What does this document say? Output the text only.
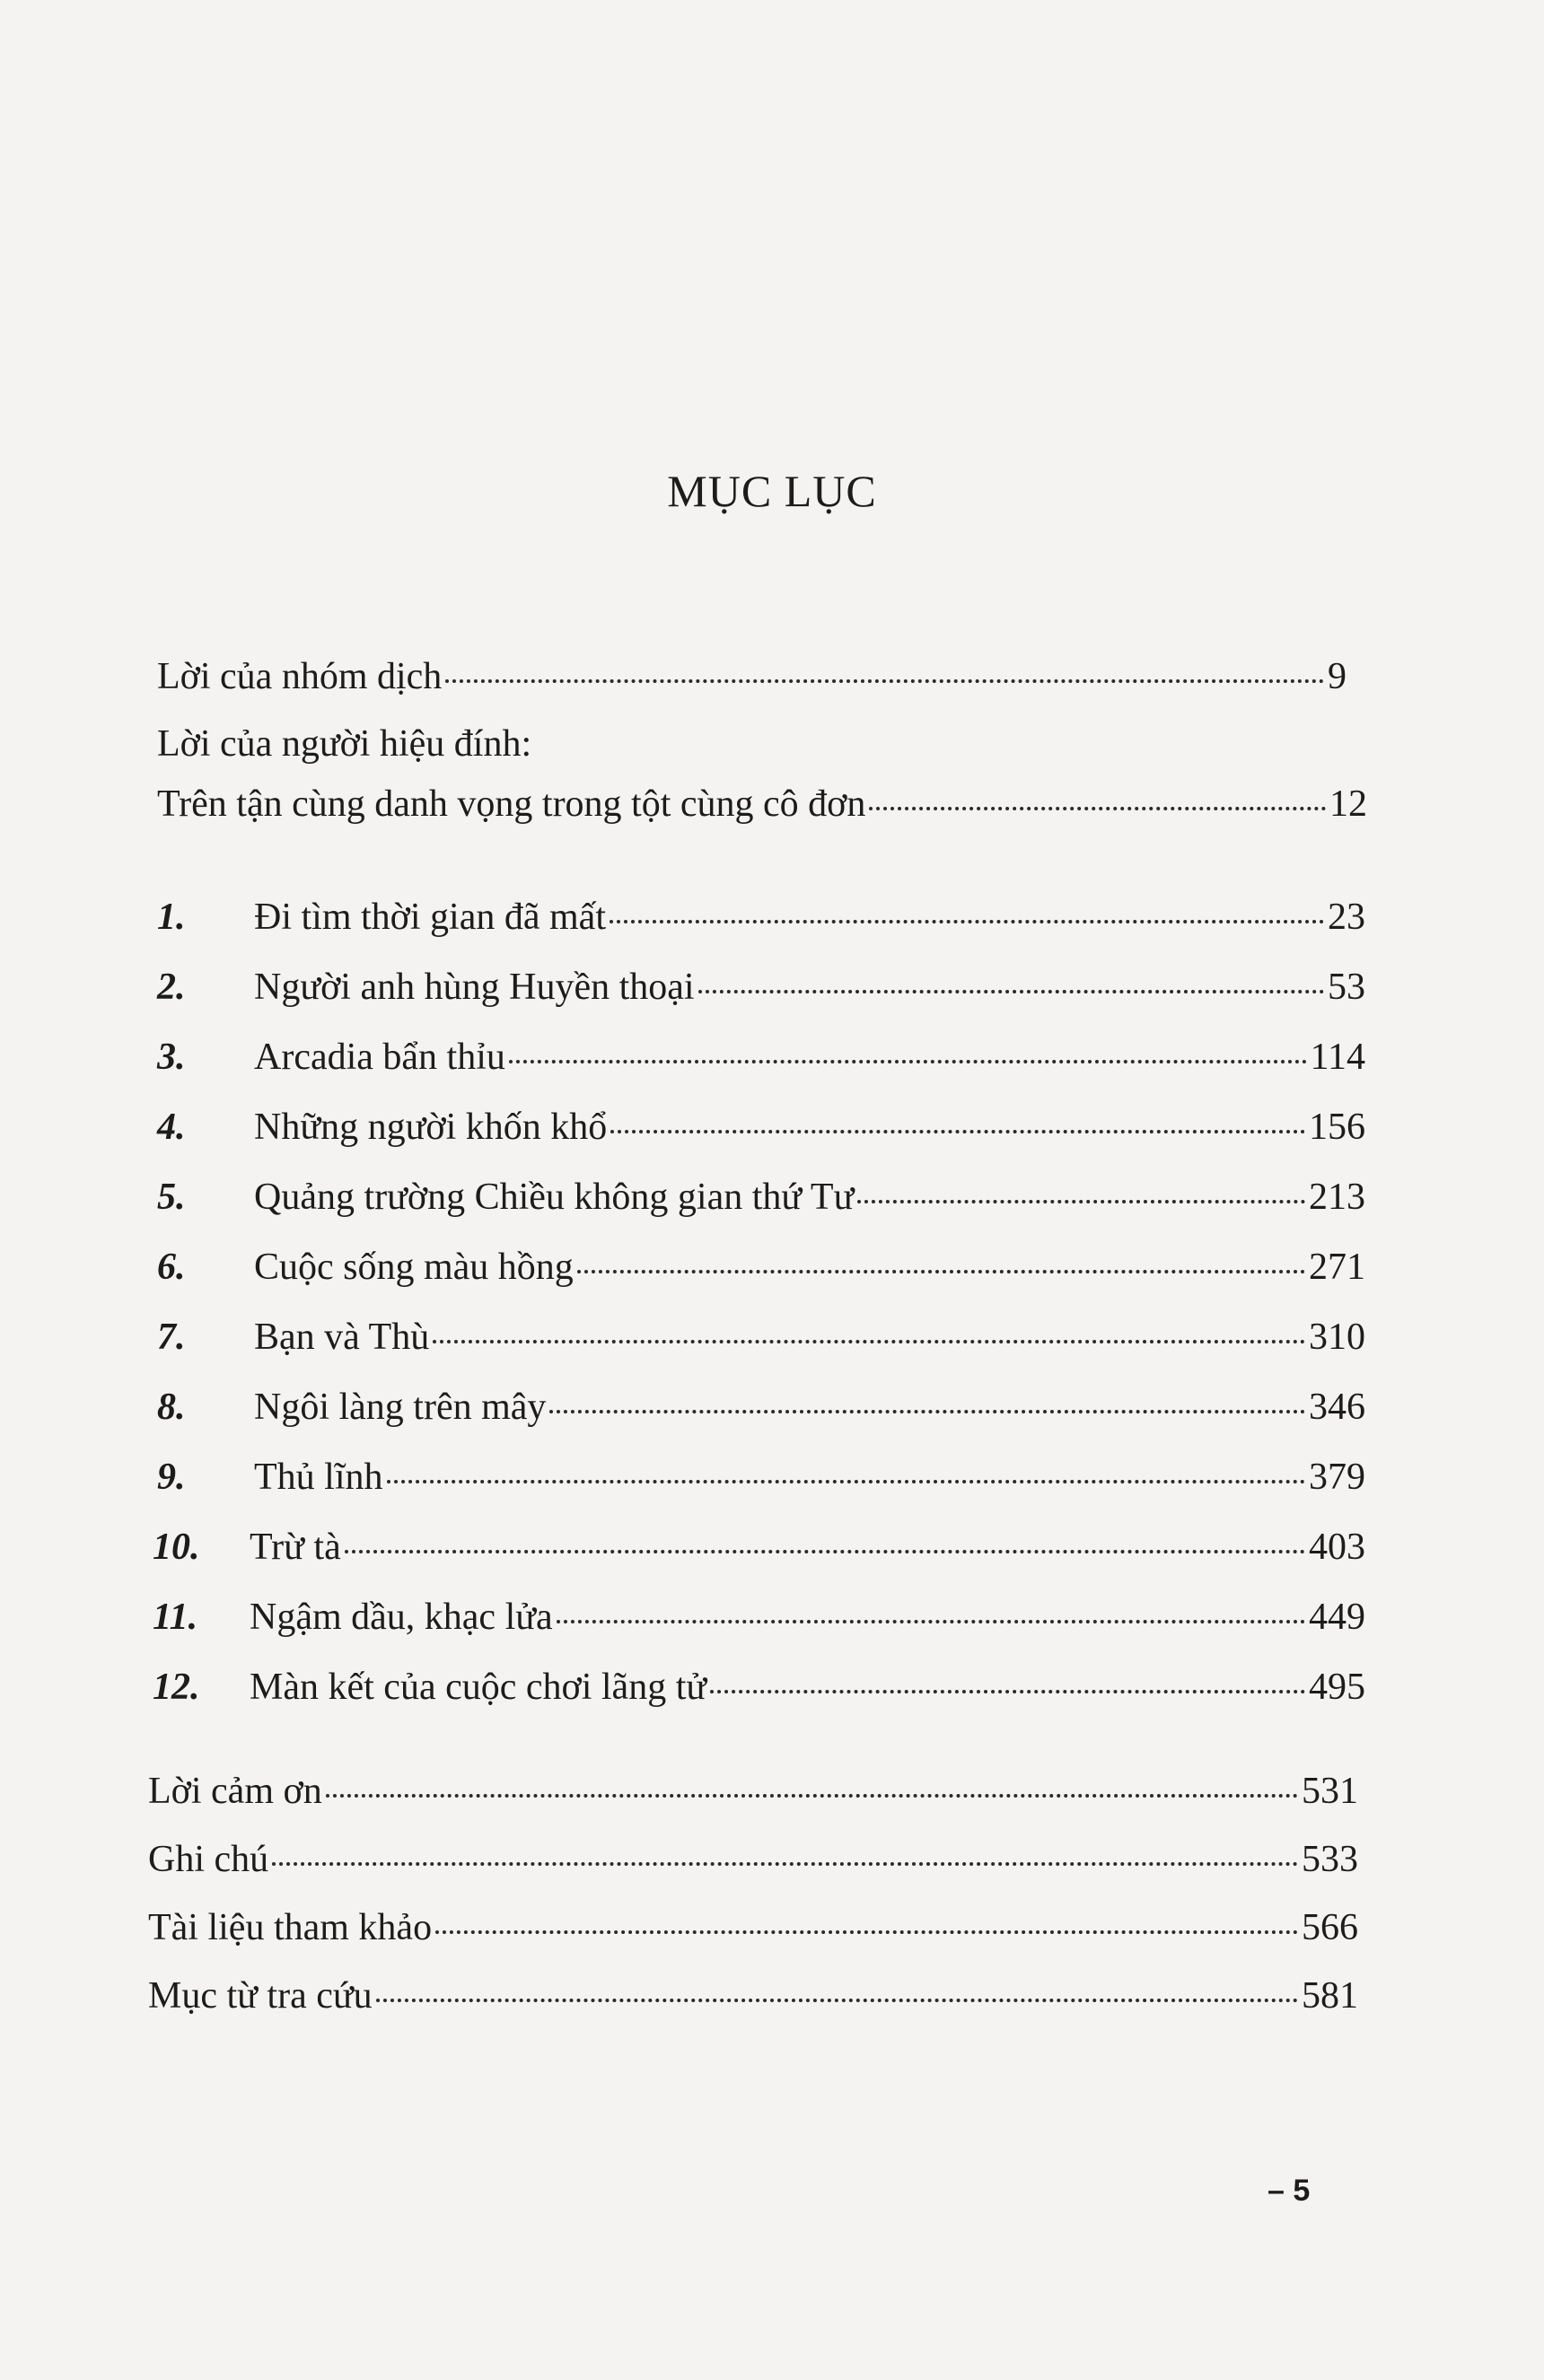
MỤC LỤC
Lời của nhóm dịch	9
Lời của người hiệu đính:
Trên tận cùng danh vọng trong tột cùng cô đơn	12
1.	Đi tìm thời gian đã mất	23
2.	Người anh hùng Huyền thoại	53
3.	Arcadia bẩn thỉu	114
4.	Những người khốn khổ	156
5.	Quảng trường Chiều không gian thứ Tư	213
6.	Cuộc sống màu hồng	271
7.	Bạn và Thù	310
8.	Ngôi làng trên mây	346
9.	Thủ lĩnh	379
10.	Trừ tà	403
11.	Ngậm dầu, khạc lửa	449
12.	Màn kết của cuộc chơi lãng tử	495
Lời cảm ơn	531
Ghi chú	533
Tài liệu tham khảo	566
Mục từ tra cứu	581
– 5
